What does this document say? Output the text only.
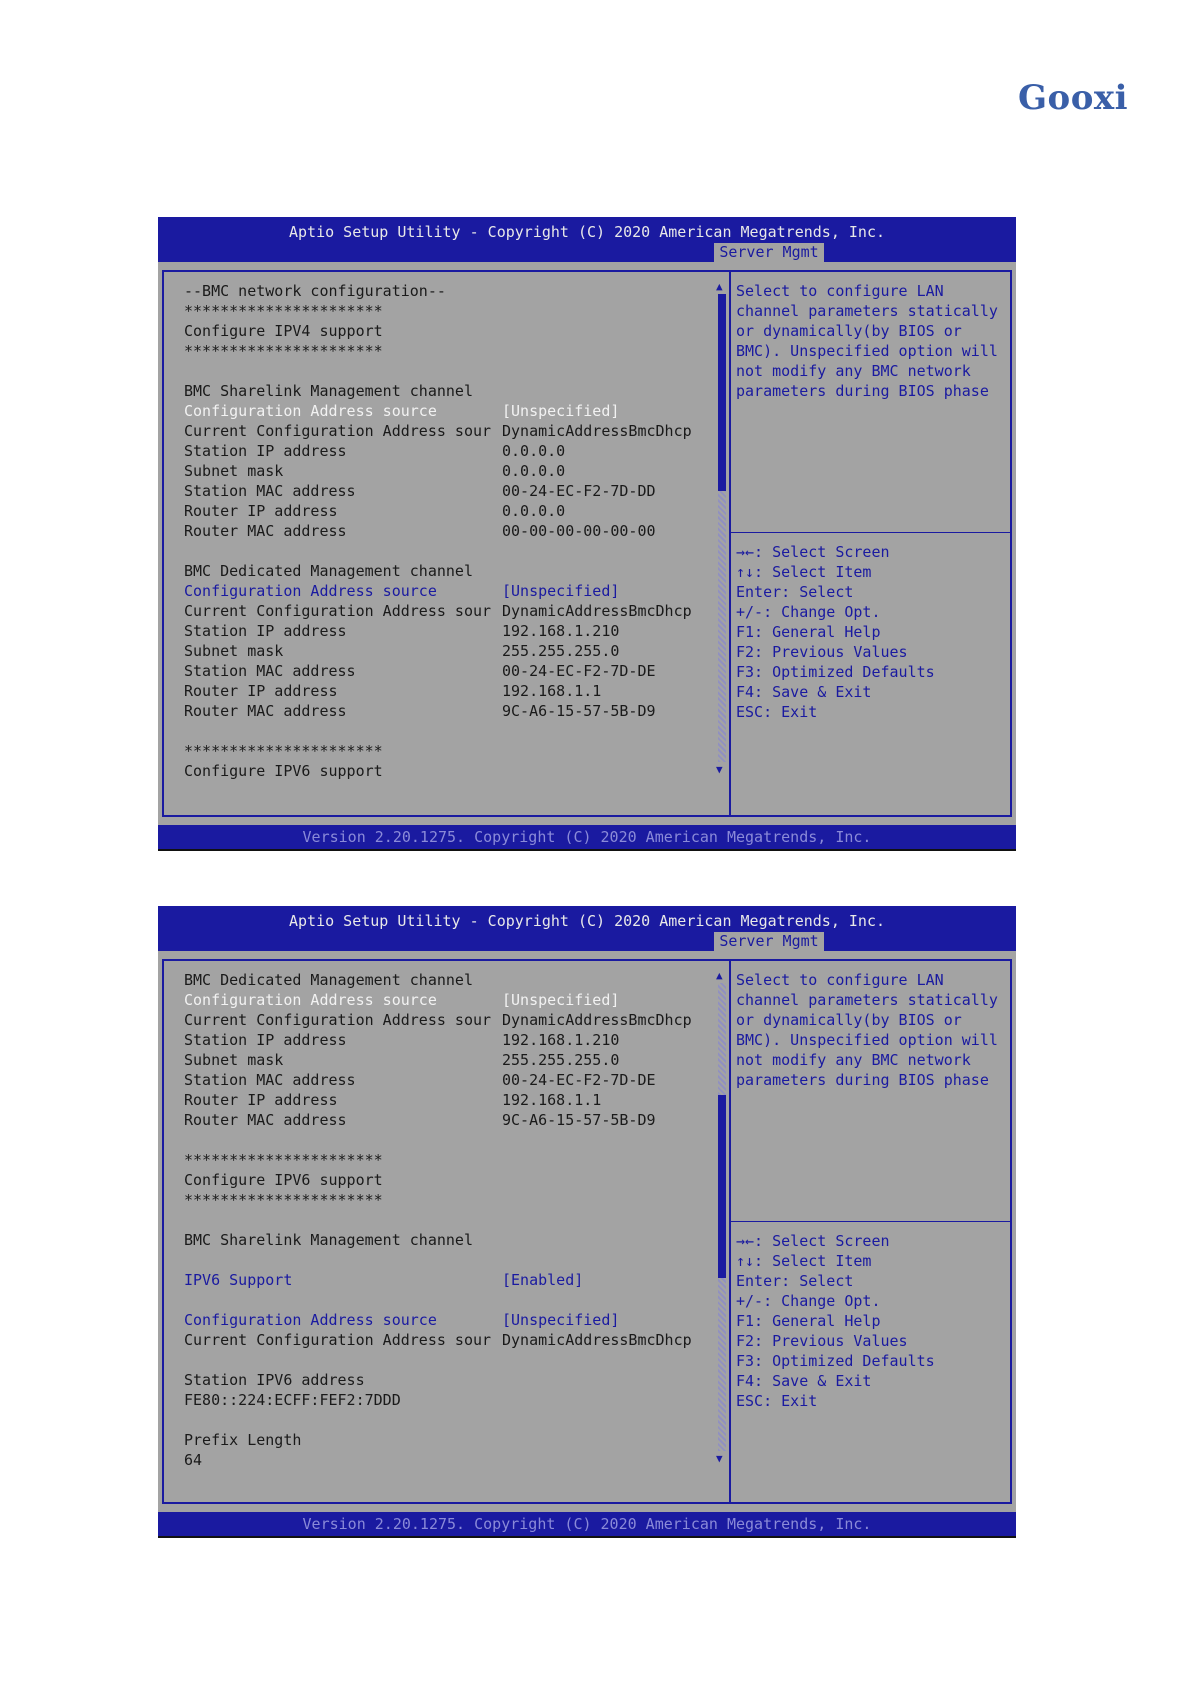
Gooxi
Aptio Setup Utility - Copyright (C) 2020 American Megatrends, Inc.
Server Mgmt
--BMC network configuration--
**********************
Configure IPV4 support
**********************
BMC Sharelink Management channel
Configuration Address source	[Unspecified]
Current Configuration Address sour DynamicAddressBmcDhcp
Station IP address	0.0.0.0
Subnet mask	0.0.0.0
Station MAC address	00-24-EC-F2-7D-DD
Router IP address	0.0.0.0
Router MAC address	00-00-00-00-00-00
BMC Dedicated Management channel
Configuration Address source	[Unspecified]
Current Configuration Address sour DynamicAddressBmcDhcp
Station IP address	192.168.1.210
Subnet mask	255.255.255.0
Station MAC address	00-24-EC-F2-7D-DE
Router IP address	192.168.1.1
Router MAC address	9C-A6-15-57-5B-D9
**********************
Configure IPV6 support
Select to configure LAN
channel parameters statically
or dynamically(by BIOS or
BMC). Unspecified option will
not modify any BMC network
parameters during BIOS phase
→←: Select Screen
↑↓: Select Item
Enter: Select
+/-: Change Opt.
F1: General Help
F2: Previous Values
F3: Optimized Defaults
F4: Save & Exit
ESC: Exit
▲
▼
Version 2.20.1275. Copyright (C) 2020 American Megatrends, Inc.
Aptio Setup Utility - Copyright (C) 2020 American Megatrends, Inc.
Server Mgmt
BMC Dedicated Management channel
Configuration Address source	[Unspecified]
Current Configuration Address sour DynamicAddressBmcDhcp
Station IP address	192.168.1.210
Subnet mask	255.255.255.0
Station MAC address	00-24-EC-F2-7D-DE
Router IP address	192.168.1.1
Router MAC address	9C-A6-15-57-5B-D9
**********************
Configure IPV6 support
**********************
BMC Sharelink Management channel
IPV6 Support	[Enabled]
Configuration Address source	[Unspecified]
Current Configuration Address sour DynamicAddressBmcDhcp
Station IPV6 address
FE80::224:ECFF:FEF2:7DDD
Prefix Length
64
Select to configure LAN
channel parameters statically
or dynamically(by BIOS or
BMC). Unspecified option will
not modify any BMC network
parameters during BIOS phase
→←: Select Screen
↑↓: Select Item
Enter: Select
+/-: Change Opt.
F1: General Help
F2: Previous Values
F3: Optimized Defaults
F4: Save & Exit
ESC: Exit
▲
▼
Version 2.20.1275. Copyright (C) 2020 American Megatrends, Inc.
